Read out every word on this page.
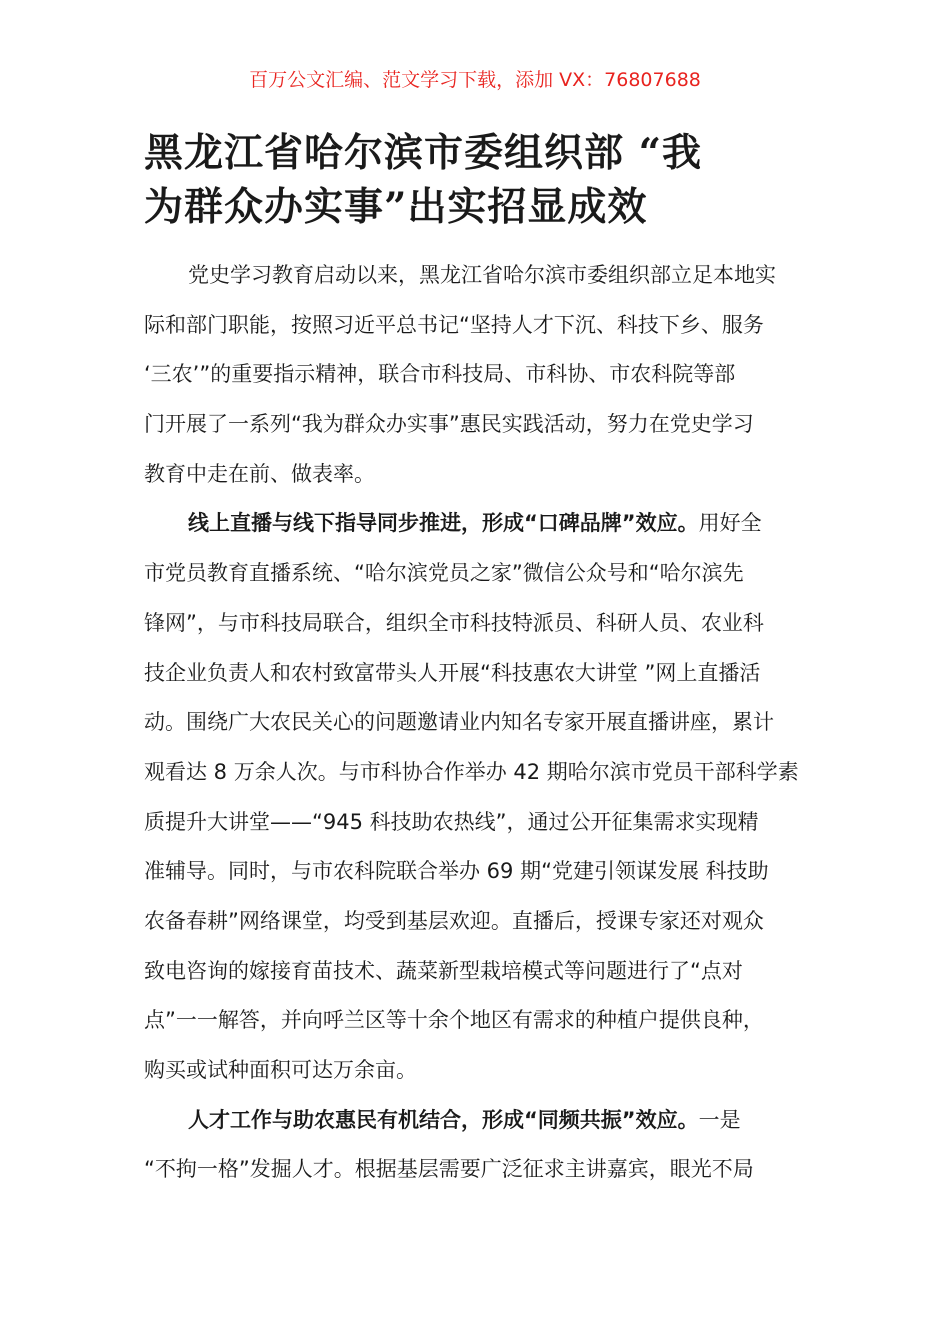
百万公文汇编、范文学习下载，添加 VX：76807688
黑龙江省哈尔滨市委组织部 “我
为群众办实事”出实招显成效
党史学习教育启动以来，黑龙江省哈尔滨市委组织部立足本地实
际和部门职能，按照习近平总书记“坚持人才下沉、科技下乡、服务
‘三农’”的重要指示精神，联合市科技局、市科协、市农科院等部
门开展了一系列“我为群众办实事”惠民实践活动，努力在党史学习
教育中走在前、做表率。
线上直播与线下指导同步推进，形成“口碑品牌”效应。用好全
市党员教育直播系统、“哈尔滨党员之家”微信公众号和“哈尔滨先
锋网”，与市科技局联合，组织全市科技特派员、科研人员、农业科
技企业负责人和农村致富带头人开展“科技惠农大讲堂 ”网上直播活
动。围绕广大农民关心的问题邀请业内知名专家开展直播讲座，累计
观看达 8 万余人次。与市科协合作举办 42 期哈尔滨市党员干部科学素
质提升大讲堂——“945 科技助农热线”，通过公开征集需求实现精
准辅导。同时，与市农科院联合举办 69 期“党建引领谋发展 科技助
农备春耕”网络课堂，均受到基层欢迎。直播后，授课专家还对观众
致电咨询的嫁接育苗技术、蔬菜新型栽培模式等问题进行了“点对
点”一一解答，并向呼兰区等十余个地区有需求的种植户提供良种，
购买或试种面积可达万余亩。
人才工作与助农惠民有机结合，形成“同频共振”效应。一是
“不拘一格”发掘人才。根据基层需要广泛征求主讲嘉宾，眼光不局
